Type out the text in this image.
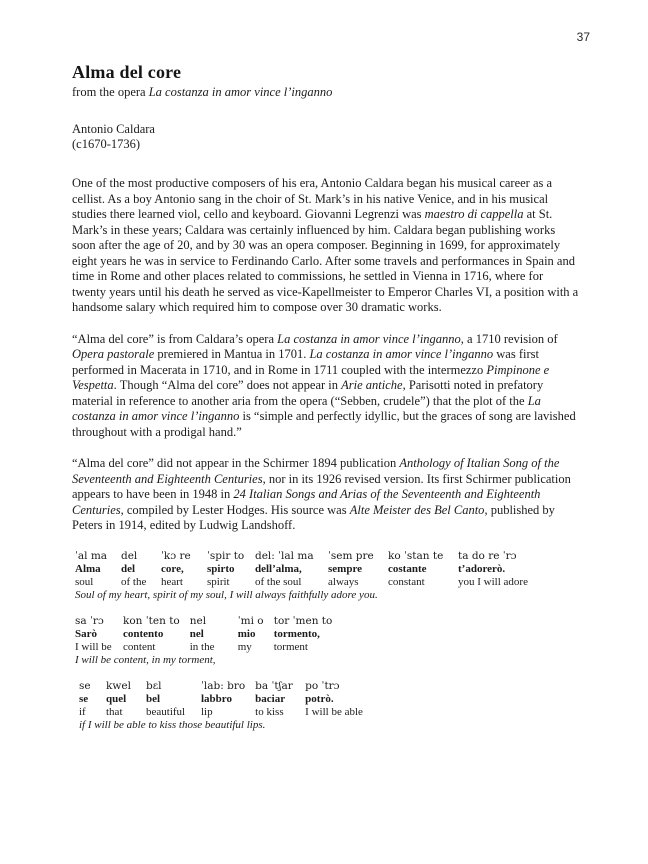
37
Alma del core
from the opera La costanza in amor vince l’inganno
Antonio Caldara
(c1670-1736)

One of the most productive composers of his era, Antonio Caldara began his musical career as a cellist. As a boy Antonio sang in the choir of St. Mark’s in his native Venice, and in his musical studies there learned viol, cello and keyboard. Giovanni Legrenzi was maestro di cappella at St. Mark’s in these years; Caldara was certainly influenced by him. Caldara began publishing works soon after the age of 20, and by 30 was an opera composer. Beginning in 1699, for approximately eight years he was in service to Ferdinando Carlo. After some travels and performances in Spain and time in Rome and other places related to commissions, he settled in Vienna in 1716, where for twenty years until his death he served as vice-Kapellmeister to Emperor Charles VI, a position with a handsome salary which required him to compose over 30 dramatic works.

“Alma del core” is from Caldara’s opera La costanza in amor vince l’inganno, a 1710 revision of Opera pastorale premiered in Mantua in 1701. La costanza in amor vince l’inganno was first performed in Macerata in 1710, and in Rome in 1711 coupled with the intermezzo Pimpinone e Vespetta. Though “Alma del core” does not appear in Arie antiche, Parisotti noted in prefatory material in reference to another aria from the opera (“Sebben, crudele”) that the plot of the La costanza in amor vince l’inganno is “simple and perfectly idyllic, but the graces of song are lavished throughout with a prodigal hand.”

“Alma del core” did not appear in the Schirmer 1894 publication Anthology of Italian Song of the Seventeenth and Eighteenth Centuries, nor in its 1926 revised version. Its first Schirmer publication appears to have been in 1948 in 24 Italian Songs and Arias of the Seventeenth and Eighteenth Centuries, compiled by Lester Hodges. His source was Alte Meister des Bel Canto, published by Peters in 1914, edited by Ludwig Landshoff.

ˈal ma
Alma
soul
del
del
of the
ˈkɔ re
core,
heart
ˈspir to
spirto
spirit
del: ˈlal ma
dell’alma,
of the soul
ˈsem pre
sempre
always
ko ˈstan te
costante
constant
ta do re ˈrɔ
t’adorerò.
you I will adore
Soul of my heart, spirit of my soul, I will always faithfully adore you.
sa ˈrɔ
Sarò
I will be
kon ˈten to
contento
content
nel
nel
in the
ˈmi o
mio
my
tor ˈmen to
tormento,
torment
I will be content, in my torment,
se
se
if
kwel
quel
that
bɛl
bel
beautiful
ˈlab: bro
labbro
lip
ba ˈtʃar
baciar
to kiss
po ˈtrɔ
potrò.
I will be able
if I will be able to kiss those beautiful lips.
